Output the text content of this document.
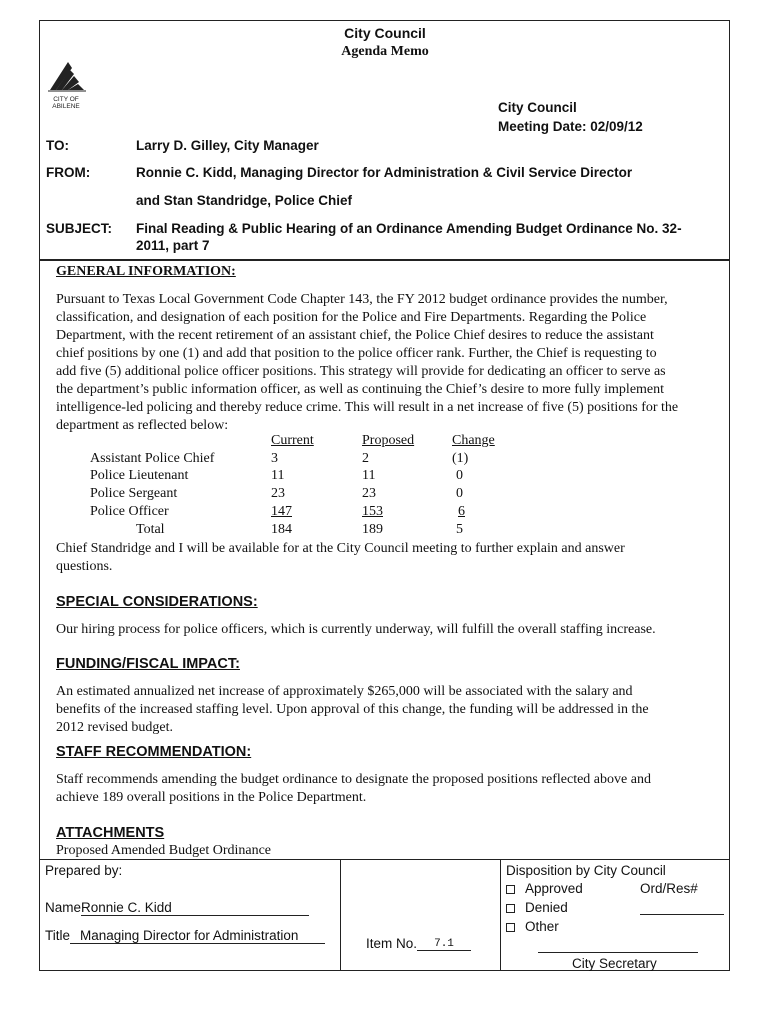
City Council
Agenda Memo
CITY OF
ABILENE	City Council
Meeting Date: 02/09/12
TO:	Larry D. Gilley, City Manager
FROM:	Ronnie C. Kidd, Managing Director for Administration & Civil Service Director
and Stan Standridge, Police Chief
SUBJECT: Final Reading & Public Hearing of an Ordinance Amending Budget Ordinance No. 32-
2011, part 7
GENERAL INFORMATION:
Pursuant to Texas Local Government Code Chapter 143, the FY 2012 budget ordinance provides the number,
classification, and designation of each position for the Police and Fire Departments. Regarding the Police
Department, with the recent retirement of an assistant chief, the Police Chief desires to reduce the assistant
chief positions by one (1) and add that position to the police officer rank. Further, the Chief is requesting to
add five (5) additional police officer positions. This strategy will provide for dedicating an officer to serve as
the department’s public information officer, as well as continuing the Chief’s desire to more fully implement
intelligence-led policing and thereby reduce crime. This will result in a net increase of five (5) positions for the
department as reflected below:
Current	Proposed	Change
Assistant Police Chief	3	2	(1)
Police Lieutenant	11	11	0
Police Sergeant	23	23	0
Police Officer	147	153	6
Total	184	189	5
Chief Standridge and I will be available for at the City Council meeting to further explain and answer
questions.
SPECIAL CONSIDERATIONS:
Our hiring process for police officers, which is currently underway, will fulfill the overall staffing increase.
FUNDING/FISCAL IMPACT:
An estimated annualized net increase of approximately $265,000 will be associated with the salary and
benefits of the increased staffing level. Upon approval of this change, the funding will be addressed in the
2012 revised budget.
STAFF RECOMMENDATION:
Staff recommends amending the budget ordinance to designate the proposed positions reflected above and
achieve 189 overall positions in the Police Department.
ATTACHMENTS
Proposed Amended Budget Ordinance
Prepared by:
NameRonnie C. Kidd
Title Managing Director for Administration
Item No. 7.1
Disposition by City Council
Approved	Ord/Res#
Denied
Other
City Secretary
